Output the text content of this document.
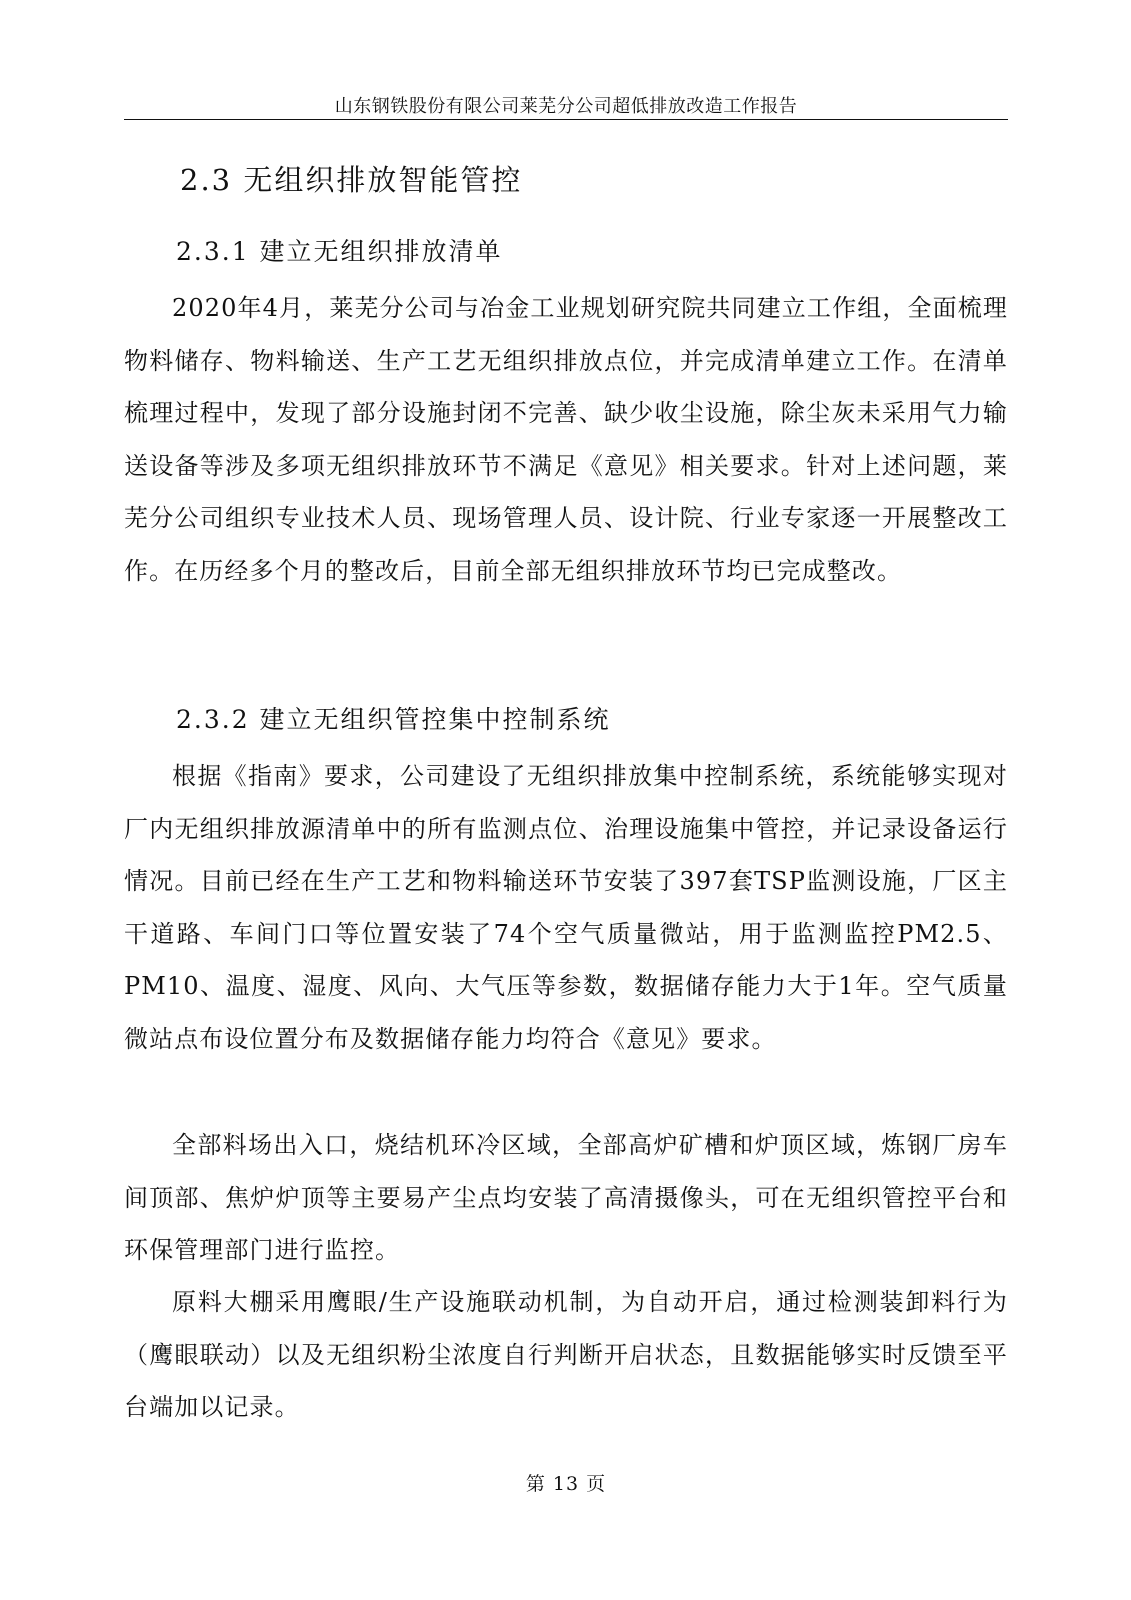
山东钢铁股份有限公司莱芜分公司超低排放改造工作报告
2.3 无组织排放智能管控
2.3.1 建立无组织排放清单

2020年4月，莱芜分公司与冶金工业规划研究院共同建立工作组，全面梳理物料储存、物料输送、生产工艺无组织排放点位，并完成清单建立工作。在清单梳理过程中，发现了部分设施封闭不完善、缺少收尘设施，除尘灰未采用气力输送设备等涉及多项无组织排放环节不满足《意见》相关要求。针对上述问题，莱芜分公司组织专业技术人员、现场管理人员、设计院、行业专家逐一开展整改工作。在历经多个月的整改后，目前全部无组织排放环节均已完成整改。

2.3.2 建立无组织管控集中控制系统

根据《指南》要求，公司建设了无组织排放集中控制系统，系统能够实现对厂内无组织排放源清单中的所有监测点位、治理设施集中管控，并记录设备运行情况。目前已经在生产工艺和物料输送环节安装了397套TSP监测设施，厂区主干道路、车间门口等位置安装了74个空气质量微站，用于监测监控PM2.5、PM10、温度、湿度、风向、大气压等参数，数据储存能力大于1年。空气质量微站点布设位置分布及数据储存能力均符合《意见》要求。

全部料场出入口，烧结机环冷区域，全部高炉矿槽和炉顶区域，炼钢厂房车间顶部、焦炉炉顶等主要易产尘点均安装了高清摄像头，可在无组织管控平台和环保管理部门进行监控。

原料大棚采用鹰眼/生产设施联动机制，为自动开启，通过检测装卸料行为（鹰眼联动）以及无组织粉尘浓度自行判断开启状态，且数据能够实时反馈至平台端加以记录。

第 13 页
